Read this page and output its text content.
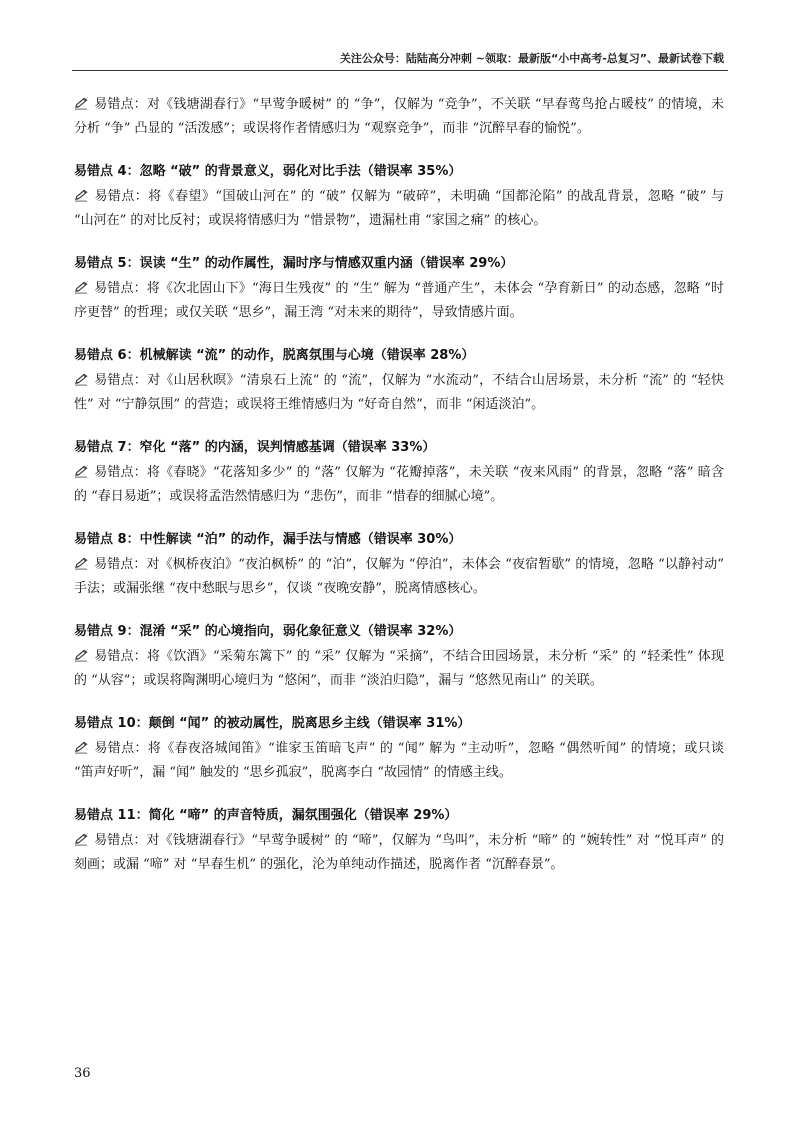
关注公众号：陆陆高分冲刺 ~领取：最新版“小中高考-总复习”、最新试卷下载

易错点：对《钱塘湖春行》“早莺争暖树” 的 “争”，仅解为 “竞争”，不关联 “早春莺鸟抢占暖枝” 的情境，未分析 “争” 凸显的 “活泼感”；或误将作者情感归为 “观察竞争”，而非 “沉醉早春的愉悦”。

易错点 4：忽略 “破” 的背景意义，弱化对比手法（错误率 35%）

易错点：将《春望》“国破山河在” 的 “破” 仅解为 “破碎”，未明确 “国都沦陷” 的战乱背景，忽略 “破” 与 “山河在” 的对比反衬；或误将情感归为 “惜景物”，遗漏杜甫 “家国之痛” 的核心。

易错点 5：误读 “生” 的动作属性，漏时序与情感双重内涵（错误率 29%）

易错点：将《次北固山下》“海日生残夜” 的 “生” 解为 “普通产生”，未体会 “孕育新日” 的动态感，忽略 “时序更替” 的哲理；或仅关联 “思乡”，漏王湾 “对未来的期待”，导致情感片面。

易错点 6：机械解读 “流” 的动作，脱离氛围与心境（错误率 28%）

易错点：对《山居秋暝》“清泉石上流” 的 “流”，仅解为 “水流动”，不结合山居场景，未分析 “流” 的 “轻快性” 对 “宁静氛围” 的营造；或误将王维情感归为 “好奇自然”，而非 “闲适淡泊”。

易错点 7：窄化 “落” 的内涵，误判情感基调（错误率 33%）

易错点：将《春晓》“花落知多少” 的 “落” 仅解为 “花瓣掉落”，未关联 “夜来风雨” 的背景，忽略 “落” 暗含的 “春日易逝”；或误将孟浩然情感归为 “悲伤”，而非 “惜春的细腻心境”。

易错点 8：中性解读 “泊” 的动作，漏手法与情感（错误率 30%）

易错点：对《枫桥夜泊》“夜泊枫桥” 的 “泊”，仅解为 “停泊”，未体会 “夜宿暂歇” 的情境，忽略 “以静衬动” 手法；或漏张继 “夜中愁眠与思乡”，仅谈 “夜晚安静”，脱离情感核心。

易错点 9：混淆 “采” 的心境指向，弱化象征意义（错误率 32%）

易错点：将《饮酒》“采菊东篱下” 的 “采” 仅解为 “采摘”，不结合田园场景，未分析 “采” 的 “轻柔性” 体现的 “从容”；或误将陶渊明心境归为 “悠闲”，而非 “淡泊归隐”，漏与 “悠然见南山” 的关联。

易错点 10：颠倒 “闻” 的被动属性，脱离思乡主线（错误率 31%）

易错点：将《春夜洛城闻笛》“谁家玉笛暗飞声” 的 “闻” 解为 “主动听”，忽略 “偶然听闻” 的情境；或只谈 “笛声好听”，漏 “闻” 触发的 “思乡孤寂”，脱离李白 “故园情” 的情感主线。

易错点 11：简化 “啼” 的声音特质，漏氛围强化（错误率 29%）

易错点：对《钱塘湖春行》“早莺争暖树” 的 “啼”，仅解为 “鸟叫”，未分析 “啼” 的 “婉转性” 对 “悦耳声” 的刻画；或漏 “啼” 对 “早春生机” 的强化，沦为单纯动作描述，脱离作者 “沉醉春景”。

36
